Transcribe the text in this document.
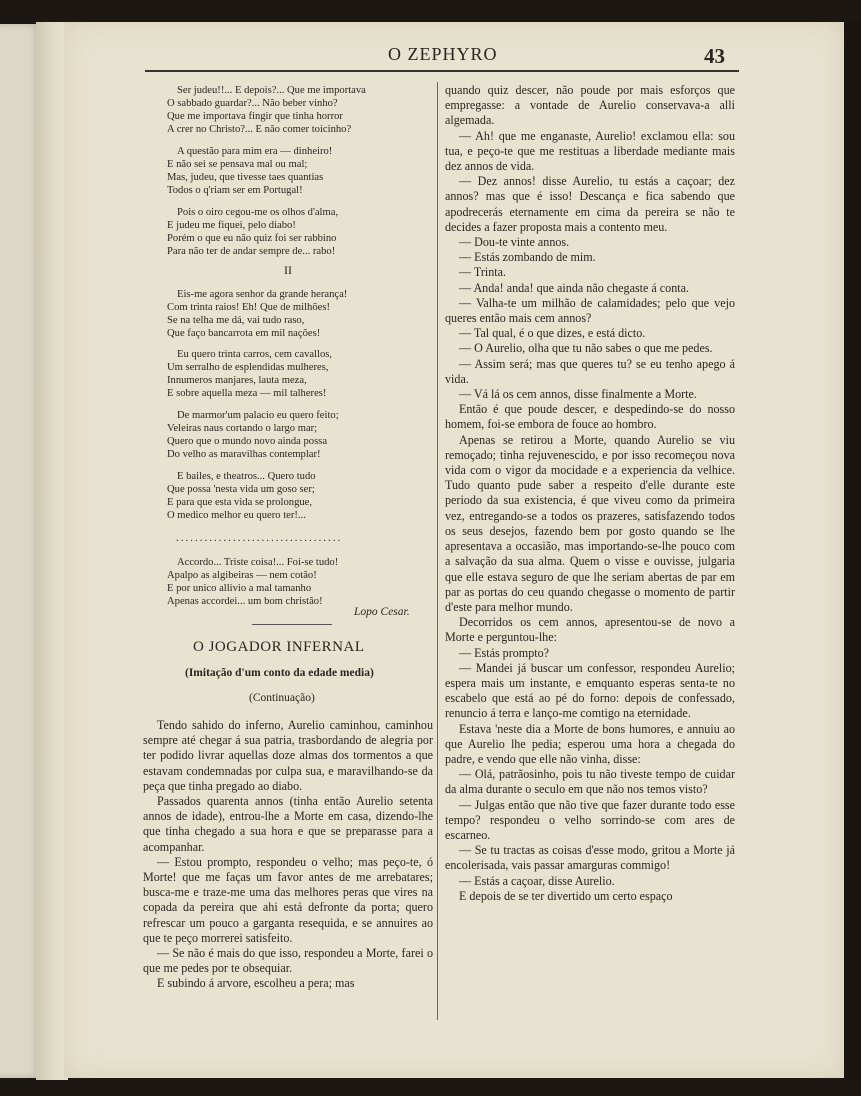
O ZEPHYRO	43
Ser judeu!!... E depois?... Que me importava
O sabbado guardar?... Não beber vinho?
Que me importava fingir que tinha horror
A crer no Christo?... E não comer toicinho?
A questão para mim era — dinheiro!
E não sei se pensava mal ou mal;
Mas, judeu, que tivesse taes quantias
Todos o q'riam ser em Portugal!
Pois o oiro cegou-me os olhos d'alma,
E judeu me fiquei, pelo diabo!
Porém o que eu não quiz foi ser rabbino
Para não ter de andar sempre de... rabo!
II
Eis-me agora senhor da grande herança!
Com trinta raios! Eh! Que de milhões!
Se na telha me dá, vai tudo raso,
Que faço bancarrota em mil nações!
Eu quero trinta carros, cem cavallos,
Um serralho de esplendidas mulheres,
Innumeros manjares, lauta meza,
E sobre aquella meza — mil talheres!
De marmor'um palacio eu quero feito;
Veleiras naus cortando o largo mar;
Quero que o mundo novo ainda possa
Do velho as maravilhas contemplar!
E bailes, e theatros... Quero tudo
Que possa 'nesta vida um goso ser;
E para que esta vida se prolongue,
O medico melhor eu quero ter!...
...................................
Accordo... Triste coisa!... Foi-se tudo!
Apalpo as algibeiras — nem cotão!
E por unico allivio a mal tamanho
Apenas accordei... um bom christão!
Lopo Cesar.
O JOGADOR INFERNAL
(Imitação d'um conto da edade media)
(Continuação)

Tendo sahido do inferno, Aurelio caminhou, caminhou sempre até chegar á sua patria, trasbordando de alegria por ter podido livrar aquellas doze almas dos tormentos a que estavam condemnadas por culpa sua, e maravilhando-se da peça que tinha pregado ao diabo.

Passados quarenta annos (tinha então Aurelio setenta annos de idade), entrou-lhe a Morte em casa, dizendo-lhe que tinha chegado a sua hora e que se preparasse para a acompanhar.

— Estou prompto, respondeu o velho; mas peço-te, ó Morte! que me faças um favor antes de me arrebatares; busca-me e traze-me uma das melhores peras que vires na copada da pereira que ahi está defronte da porta; quero refrescar um pouco a garganta resequida, e se annuires ao que te peço morrerei satisfeito.

— Se não é mais do que isso, respondeu a Morte, farei o que me pedes por te obsequiar.

E subindo á arvore, escolheu a pera; mas

quando quiz descer, não poude por mais esforços que empregasse: a vontade de Aurelio conservava-a alli algemada.

— Ah! que me enganaste, Aurelio! exclamou ella: sou tua, e peço-te que me restituas a liberdade mediante mais dez annos de vida.

— Dez annos! disse Aurelio, tu estás a caçoar; dez annos? mas que é isso! Descança e fica sabendo que apodrecerás eternamente em cima da pereira se não te decides a fazer proposta mais a contento meu.

— Dou-te vinte annos.

— Estás zombando de mim.

— Trinta.

— Anda! anda! que ainda não chegaste á conta.

— Valha-te um milhão de calamidades; pelo que vejo queres então mais cem annos?

— Tal qual, é o que dizes, e está dicto.

— O Aurelio, olha que tu não sabes o que me pedes.

— Assim será; mas que queres tu? se eu tenho apego á vida.

— Vá lá os cem annos, disse finalmente a Morte.

Então é que poude descer, e despedindo-se do nosso homem, foi-se embora de fouce ao hombro.

Apenas se retirou a Morte, quando Aurelio se viu remoçado; tinha rejuvenescido, e por isso recomeçou nova vida com o vigor da mocidade e a experiencia da velhice. Tudo quanto pude saber a respeito d'elle durante este periodo da sua existencia, é que viveu como da primeira vez, entregando-se a todos os prazeres, satisfazendo todos os seus desejos, fazendo bem por gosto quando se lhe apresentava a occasião, mas importando-se-lhe pouco com a salvação da sua alma. Quem o visse e ouvisse, julgaria que elle estava seguro de que lhe seriam abertas de par em par as portas do ceu quando chegasse o momento de partir d'este para melhor mundo.

Decorridos os cem annos, apresentou-se de novo a Morte e perguntou-lhe:

— Estás prompto?

— Mandei já buscar um confessor, respondeu Aurelio; espera mais um instante, e emquanto esperas senta-te no escabelo que está ao pé do forno: depois de confessado, renuncio á terra e lanço-me comtigo na eternidade.

Estava 'neste dia a Morte de bons humores, e annuiu ao que Aurelio lhe pedia; esperou uma hora a chegada do padre, e vendo que elle não vinha, disse:

— Olá, patrãosinho, pois tu não tiveste tempo de cuidar da alma durante o seculo em que não nos temos visto?

— Julgas então que não tive que fazer durante todo esse tempo? respondeu o velho sorrindo-se com ares de escarneo.

— Se tu tractas as coisas d'esse modo, gritou a Morte já encolerisada, vais passar amarguras commigo!

— Estás a caçoar, disse Aurelio.

E depois de se ter divertido um certo espaço
